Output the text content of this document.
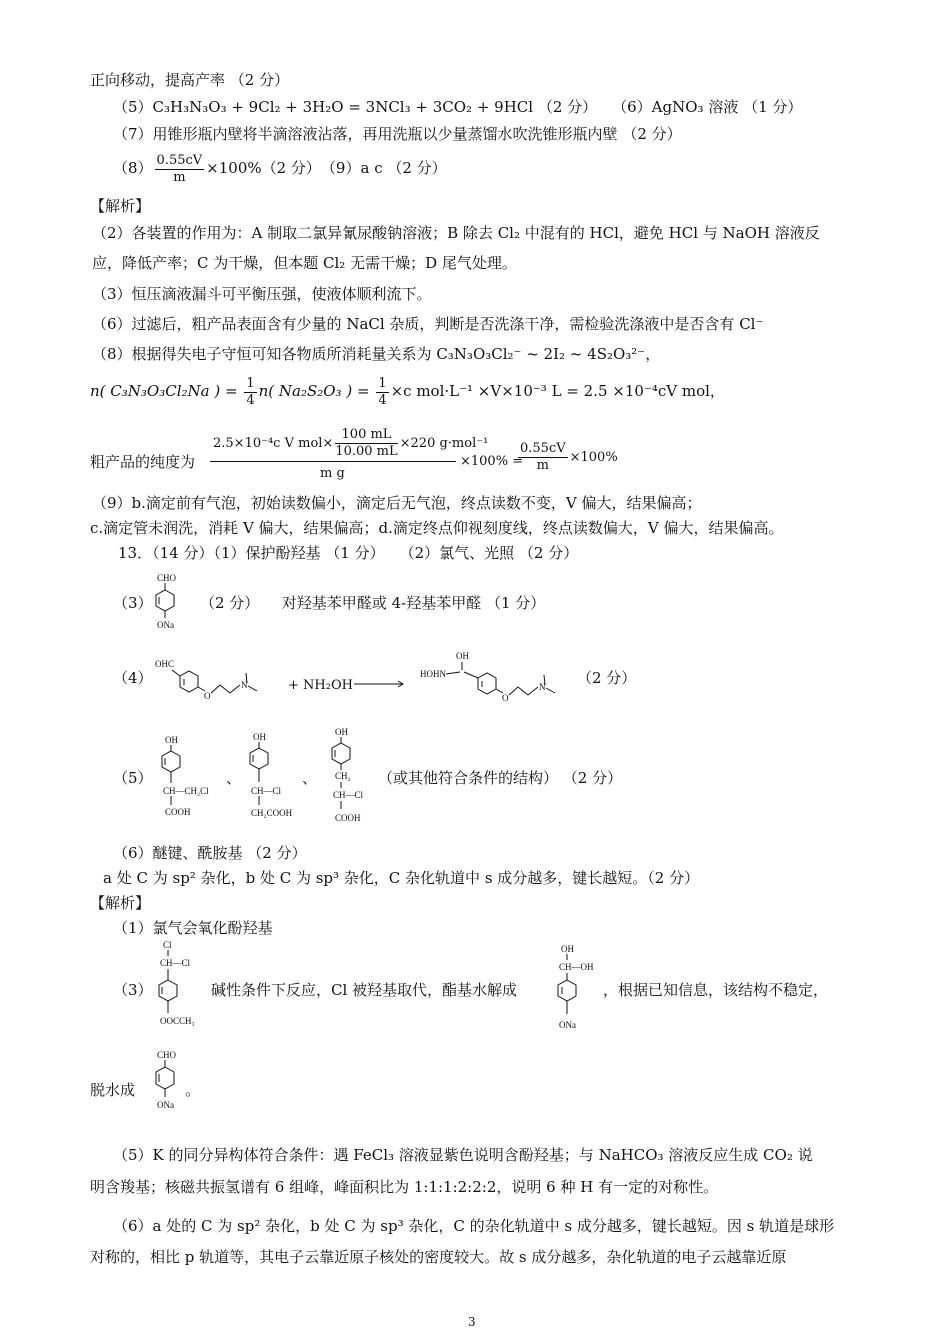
正向移动，提高产率 （2 分）
（5）C₃H₃N₃O₃ + 9Cl₂ + 3H₂O = 3NCl₃ + 3CO₂ + 9HCl （2 分）　　（6）AgNO₃ 溶液 （1 分）
（7）用锥形瓶内壁将半滴溶液沾落，再用洗瓶以少量蒸馏水吹洗锥形瓶内壁 （2 分）
$(8) \frac{0.55cV}{m} \times 100\%(2$ 分）　（9）a c （2 分）
【解析】
（2）各装置的作用为：A 制取二氯异氰尿酸钠溶液；B 除去 Cl₂ 中混有的 HCl，避免 HCl 与 NaOH 溶液反
应，降低产率；C 为干燥，但本题 Cl₂ 无需干燥；D 尾气处理。
（3）恒压滴液漏斗可平衡压强，使液体顺利流下。
（6）过滤后，粗产品表面含有少量的 NaCl 杂质，判断是否洗涤干净，需检验洗涤液中是否含有 Cl⁻
（8）根据得失电子守恒可知各物质所消耗量关系为 C₃N₃O₃Cl₂⁻ ~ 2I₂ ~ 4S₂O₃²⁻，
n( C₃N₃O₃Cl₂Na ) = $\frac{1}{4} n$( Na₂S₂O₃ ) = $\frac{1}{4} \times c$ mol·L⁻¹ ×V×10⁻³ L = 2.5 ×10⁻⁴cV mol，
粗产品的纯度为
2.5×10⁻⁴c V $mol\times \frac{100 mL}{10.00 mL} \times 220$ g·mol⁻¹
m g
×100% =
$\frac{0.55cV}{m} \times 100\%$
（9）b.滴定前有气泡，初始读数偏小，滴定后无气泡，终点读数不变，V 偏大，结果偏高；
c.滴定管未润洗，消耗 V 偏大，结果偏高；d.滴定终点仰视刻度线，终点读数偏大，V 偏大，结果偏高。
13．（14 分）（1）保护酚羟基 （1 分）　　（2）氯气、光照 （2 分）
（3）
CHO
ONa
（2 分）　　对羟基苯甲醛或 4-羟基苯甲醛 （1 分）
（4）
OHC
O
N	+ NH₂OH →
OH
HOHN
O
N （2 分）
（5）
OH
CH—CH₂Cl
COOH
、
OH
CH—Cl
CH₂COOH
、
OH
CH₂
CH—Cl
COOH
（或其他符合条件的结构） （2 分）
（6）醚键、酰胺基 （2 分）
a 处 C 为 sp² 杂化，b 处 C 为 sp³ 杂化，C 杂化轨道中 s 成分越多，键长越短。（2 分）
【解析】
（1）氯气会氧化酚羟基
Cl
CH—Cl
OOCCH₃
（3）	碱性条件下反应，Cl 被羟基取代，酯基水解成
OH
CH—OH
ONa
，根据已知信息，该结构不稳定，
脱水成
CHO
ONa
。
（5）K 的同分异构体符合条件：遇 FeCl₃ 溶液显紫色说明含酚羟基；与 NaHCO₃ 溶液反应生成 CO₂ 说
明含羧基；核磁共振氢谱有 6 组峰，峰面积比为 1:1:1:2:2:2，说明 6 种 H 有一定的对称性。
（6）a 处的 C 为 sp² 杂化，b 处 C 为 sp³ 杂化，C 的杂化轨道中 s 成分越多，键长越短。因 s 轨道是球形
对称的，相比 p 轨道等，其电子云靠近原子核处的密度较大。故 s 成分越多，杂化轨道的电子云越靠近原
3
